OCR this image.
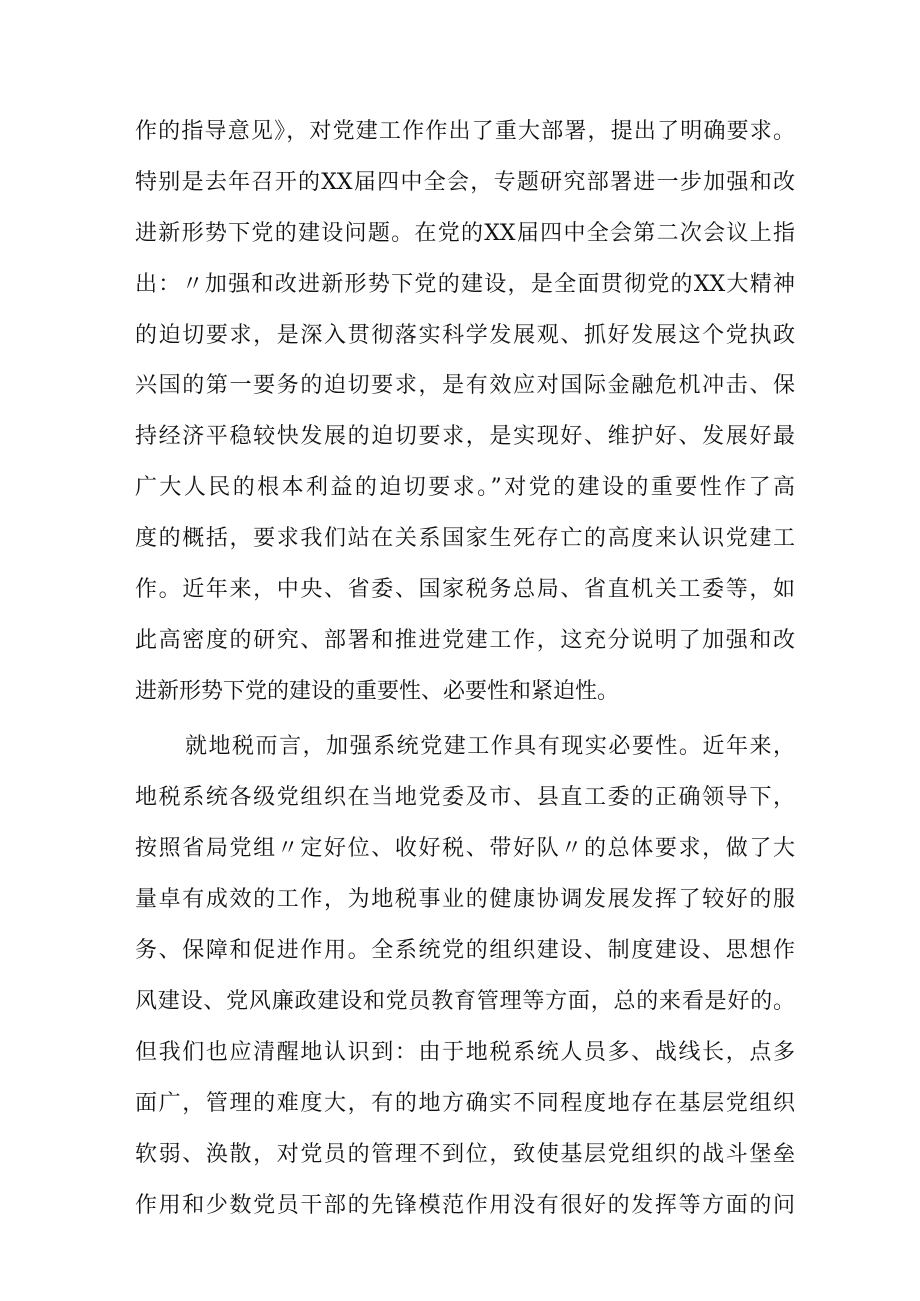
作的指导意见》，对党建工作作出了重大部署，提出了明确要求。
特别是去年召开的XX届四中全会，专题研究部署进一步加强和改
进新形势下党的建设问题。在党的XX届四中全会第二次会议上指
出：〃加强和改进新形势下党的建设，是全面贯彻党的XX大精神
的迫切要求，是深入贯彻落实科学发展观、抓好发展这个党执政
兴国的第一要务的迫切要求，是有效应对国际金融危机冲击、保
持经济平稳较快发展的迫切要求，是实现好、维护好、发展好最
广大人民的根本利益的迫切要求。”对党的建设的重要性作了高
度的概括，要求我们站在关系国家生死存亡的高度来认识党建工
作。近年来，中央、省委、国家税务总局、省直机关工委等，如
此高密度的研究、部署和推进党建工作，这充分说明了加强和改
进新形势下党的建设的重要性、必要性和紧迫性。
就地税而言，加强系统党建工作具有现实必要性。近年来，
地税系统各级党组织在当地党委及市、县直工委的正确领导下，
按照省局党组〃定好位、收好税、带好队〃的总体要求，做了大
量卓有成效的工作，为地税事业的健康协调发展发挥了较好的服
务、保障和促进作用。全系统党的组织建设、制度建设、思想作
风建设、党风廉政建设和党员教育管理等方面，总的来看是好的。
但我们也应清醒地认识到：由于地税系统人员多、战线长，点多
面广，管理的难度大，有的地方确实不同程度地存在基层党组织
软弱、涣散，对党员的管理不到位，致使基层党组织的战斗堡垒
作用和少数党员干部的先锋模范作用没有很好的发挥等方面的问
